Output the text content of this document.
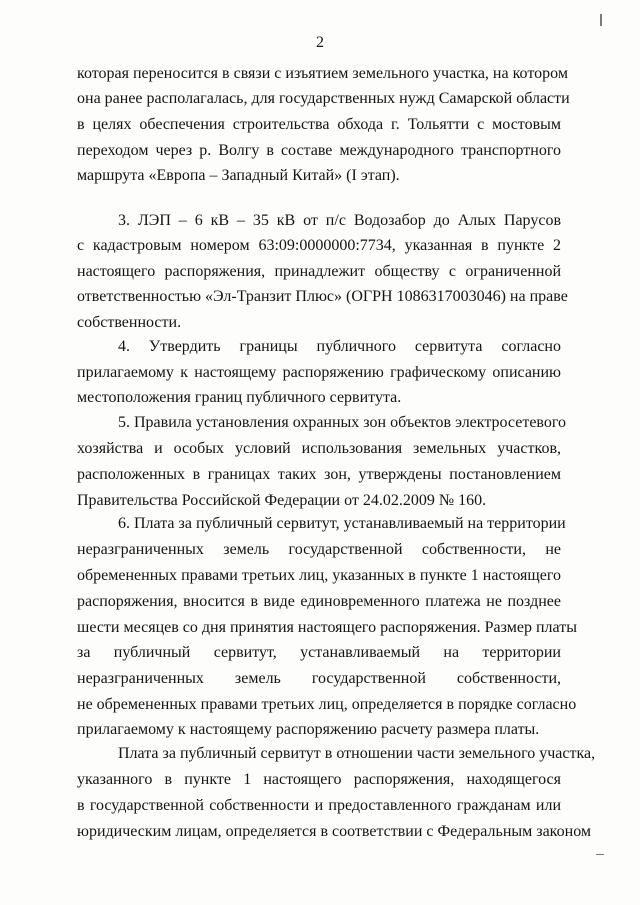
2
которая переносится в связи с изъятием земельного участка, на котором
она ранее располагалась, для государственных нужд Самарской области
в целях обеспечения строительства обхода г. Тольятти с мостовым
переходом через р. Волгу в составе международного транспортного
маршрута «Европа – Западный Китай» (I этап).
3. ЛЭП – 6 кВ – 35 кВ от п/с Водозабор до Алых Парусов
с кадастровым номером 63:09:0000000:7734, указанная в пункте 2
настоящего распоряжения, принадлежит обществу с ограниченной
ответственностью «Эл-Транзит Плюс» (ОГРН 1086317003046) на праве
собственности.
4. Утвердить границы публичного сервитута согласно
прилагаемому к настоящему распоряжению графическому описанию
местоположения границ публичного сервитута.
5. Правила установления охранных зон объектов электросетевого
хозяйства и особых условий использования земельных участков,
расположенных в границах таких зон, утверждены постановлением
Правительства Российской Федерации от 24.02.2009 № 160.
6. Плата за публичный сервитут, устанавливаемый на территории
неразграниченных земель государственной собственности, не
обремененных правами третьих лиц, указанных в пункте 1 настоящего
распоряжения, вносится в виде единовременного платежа не позднее
шести месяцев со дня принятия настоящего распоряжения. Размер платы
за публичный сервитут, устанавливаемый на территории
неразграниченных земель государственной собственности,
не обремененных правами третьих лиц, определяется в порядке согласно
прилагаемому к настоящему распоряжению расчету размера платы.
Плата за публичный сервитут в отношении части земельного участка,
указанного в пункте 1 настоящего распоряжения, находящегося
в государственной собственности и предоставленного гражданам или
юридическим лицам, определяется в соответствии с Федеральным законом
